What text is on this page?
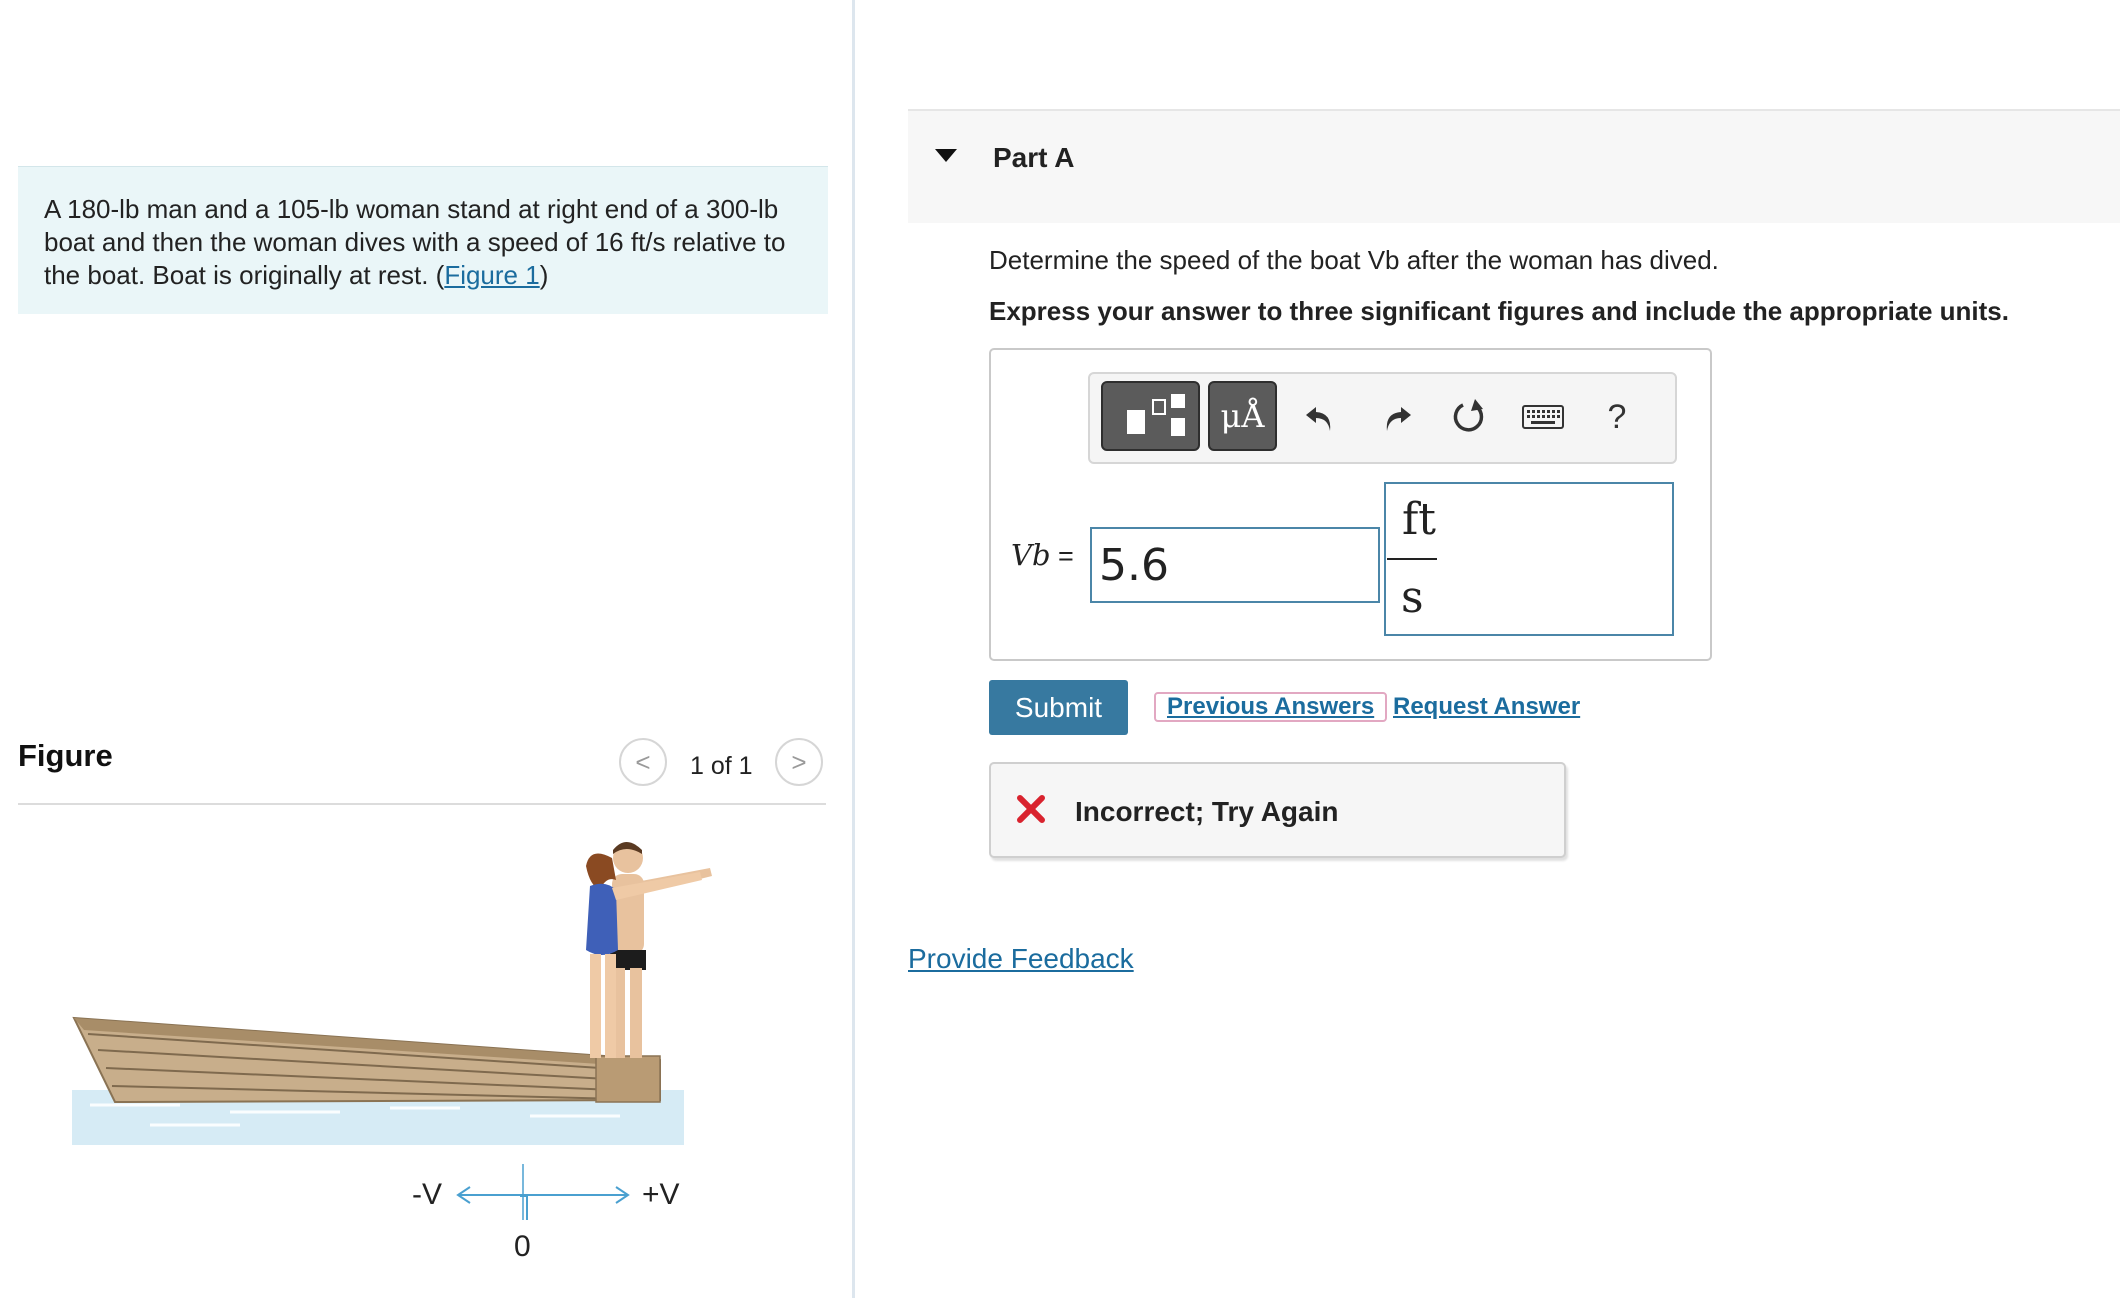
A 180-lb man and a 105-lb woman stand at right end of a 300-lb boat and then the woman dives with a speed of 16 ft/s relative to the boat. Boat is originally at rest. (Figure 1)
Figure	< 1 of 1 >
-V	+V
0
Part A
Determine the speed of the boat Vb after the woman has dived.
Express your answer to three significant figures and include the appropriate units.
μÅ	?
Vb =
5.6
ft
s
Submit	Previous Answers Request Answer
Incorrect; Try Again
Provide Feedback
